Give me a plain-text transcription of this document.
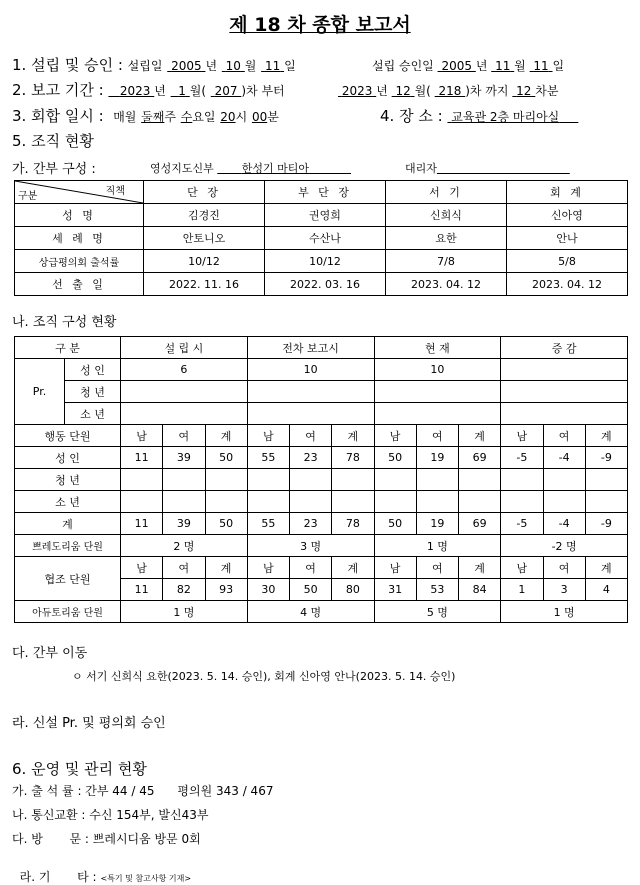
제 18 차 종합 보고서
1. 설립 및 승인 : 설립일 2005 년 10 월 11 일	설립 승인일 2005 년 11 월 11 일
2. 보고 기간 : 2023 년 1 월( 207 )차 부터	2023 년 12 월( 218 )차 까지 12 차분
3. 회합 일시 : 매월 둘째주 수요일 20시 00분	4. 장 소 : 교육관 2층 마리아실
5. 조직 현황
가. 간부 구성 :	영성지도신부	한성기 마티아	대리자
직책
구분	단 장	부 단 장	서 기	회 계
성 명	김경진	권영희	신희식	신아영
세 례 명	안토니오	수산나	요한	안나
상급평의회 출석률	10/12	10/12	7/8	5/8
선 출 일	2022. 11. 16	2022. 03. 16	2023. 04. 12	2023. 04. 12
나. 조직 구성 현황
구 분		설 립 시			전차 보고시			현 재			증 감		
Pr.	성 인	6			10			10					
	청 년												
	소 년												
행동 단원		남	여	계	남	여	계	남	여	계	남	여	계
성 인		11	39	50	55	23	78	50	19	69	-5	-4	-9
청 년													
소 년													
계		11	39	50	55	23	78	50	19	69	-5	-4	-9
쁘레도리움 단원		2 명			3 명			1 명			-2 명		
협조 단원		남	여	계	남	여	계	남	여	계	남	여	계
		11	82	93	30	50	80	31	53	84	1	3	4
아듀토리움 단원		1 명			4 명			5 명			1 명		
다. 간부 이동
ㅇ 서기 신희식 요한(2023. 5. 14. 승인), 회계 신아영 안나(2023. 5. 14. 승인)
라. 신설 Pr. 및 평의회 승인
6. 운영 및 관리 현황
가. 출 석 률 : 간부 44 / 45      평의원 343 / 467
나. 통신교환 : 수신 154부, 발신43부
다. 방       문 : 쁘레시디움 방문 0회

라. 기       타 : <특기 및 참고사항 기재>
